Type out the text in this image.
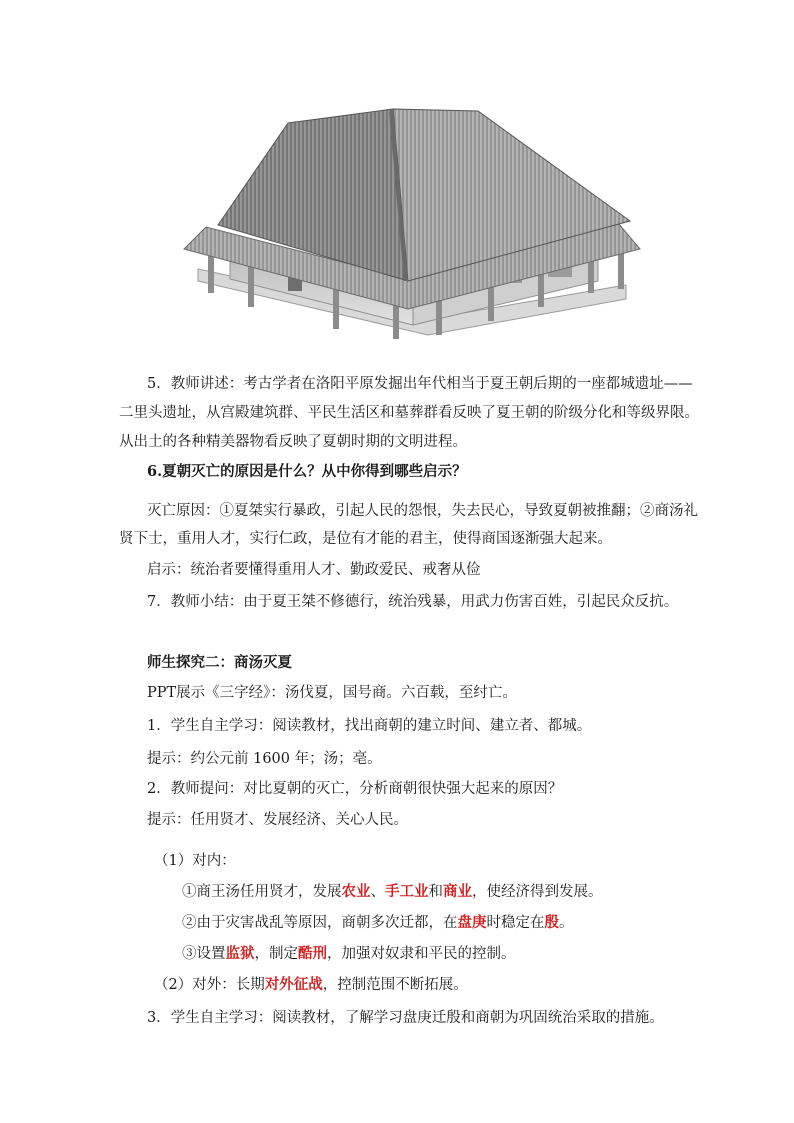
5．教师讲述：考古学者在洛阳平原发掘出年代相当于夏王朝后期的一座都城遗址——
二里头遗址，从宫殿建筑群、平民生活区和墓葬群看反映了夏王朝的阶级分化和等级界限。
从出土的各种精美器物看反映了夏朝时期的文明进程。
6.夏朝灭亡的原因是什么？从中你得到哪些启示？
灭亡原因：①夏桀实行暴政，引起人民的怨恨，失去民心，导致夏朝被推翻；②商汤礼
贤下士，重用人才，实行仁政，是位有才能的君主，使得商国逐渐强大起来。
启示：统治者要懂得重用人才、勤政爱民、戒奢从俭
7．教师小结：由于夏王桀不修德行，统治残暴，用武力伤害百姓，引起民众反抗。
师生探究二：商汤灭夏
PPT展示《三字经》：汤伐夏，国号商。六百载，至纣亡。
1．学生自主学习：阅读教材，找出商朝的建立时间、建立者、都城。
提示：约公元前 1600 年；汤；亳。
2．教师提问：对比夏朝的灭亡，分析商朝很快强大起来的原因？
提示：任用贤才、发展经济、关心人民。
（1）对内：
①商王汤任用贤才，发展农业、手工业和商业，使经济得到发展。
②由于灾害战乱等原因，商朝多次迁都，在盘庚时稳定在殷。
③设置监狱，制定酷刑，加强对奴隶和平民的控制。
（2）对外：长期对外征战，控制范围不断拓展。
3．学生自主学习：阅读教材，了解学习盘庚迁殷和商朝为巩固统治采取的措施。
